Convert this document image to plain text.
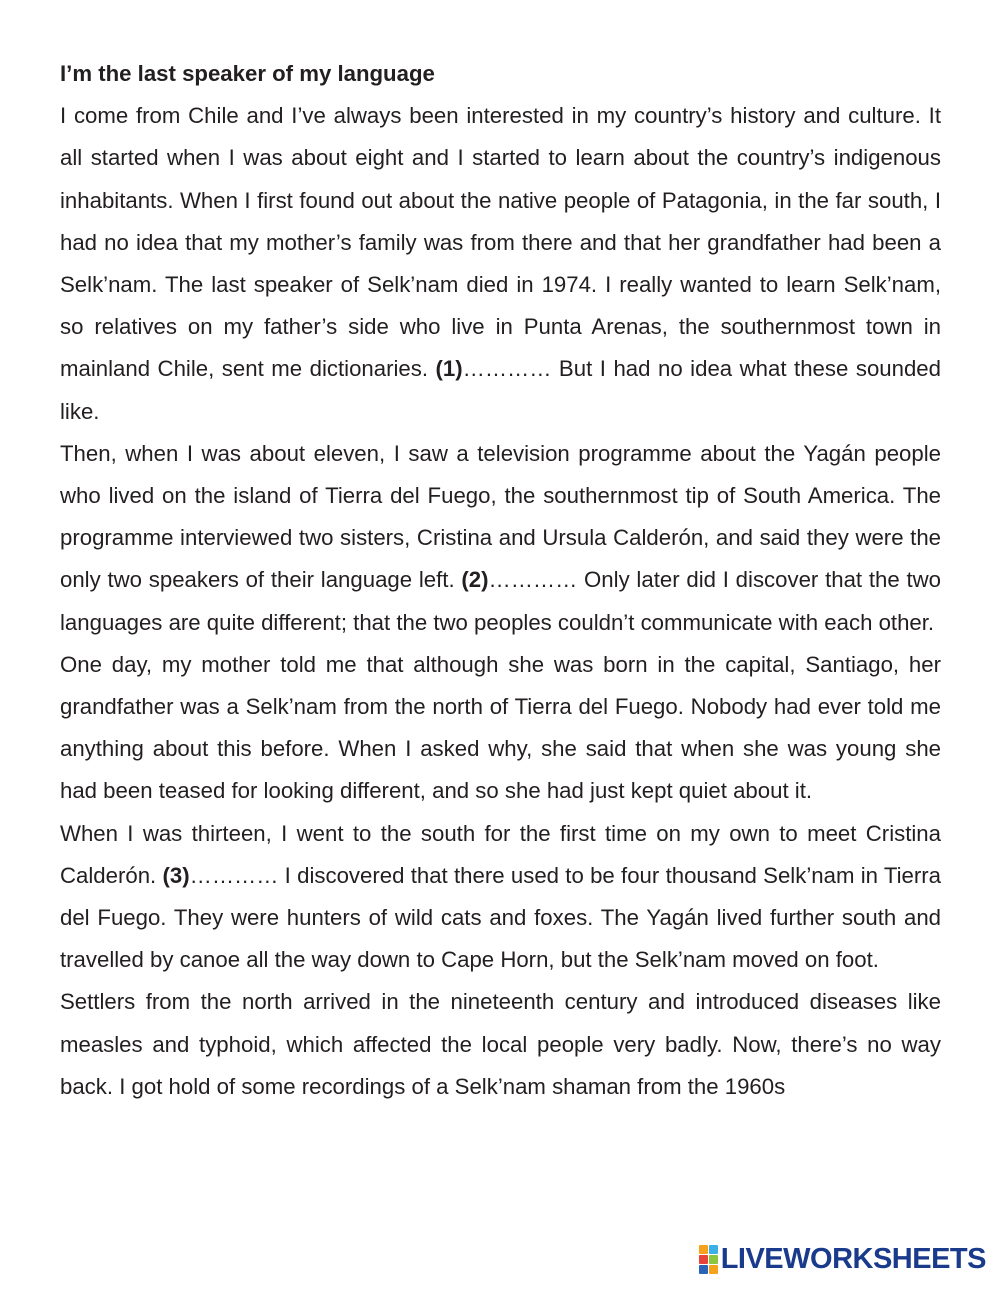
I’m the last speaker of my language

I come from Chile and I’ve always been interested in my country’s history and culture. It all started when I was about eight and I started to learn about the country’s indigenous inhabitants. When I first found out about the native people of Patagonia, in the far south, I had no idea that my mother’s family was from there and that her grandfather had been a Selk’nam. The last speaker of Selk’nam died in 1974. I really wanted to learn Selk’nam, so relatives on my father’s side who live in Punta Arenas, the southernmost town in mainland Chile, sent me dictionaries. (1)………… But I had no idea what these sounded like.

Then, when I was about eleven, I saw a television programme about the Yagán people who lived on the island of Tierra del Fuego, the southernmost tip of South America. The programme interviewed two sisters, Cristina and Ursula Calderón, and said they were the only two speakers of their language left. (2)………… Only later did I discover that the two languages are quite different; that the two peoples couldn’t communicate with each other.

One day, my mother told me that although she was born in the capital, Santiago, her grandfather was a Selk’nam from the north of Tierra del Fuego. Nobody had ever told me anything about this before. When I asked why, she said that when she was young she had been teased for looking different, and so she had just kept quiet about it.

When I was thirteen, I went to the south for the first time on my own to meet Cristina Calderón. (3)………… I discovered that there used to be four thousand Selk’nam in Tierra del Fuego. They were hunters of wild cats and foxes. The Yagán lived further south and travelled by canoe all the way down to Cape Horn, but the Selk’nam moved on foot.

Settlers from the north arrived in the nineteenth century and introduced diseases like measles and typhoid, which affected the local people very badly. Now, there’s no way back. I got hold of some recordings of a Selk’nam shaman from the 1960s

LIVEWORKSHEETS
